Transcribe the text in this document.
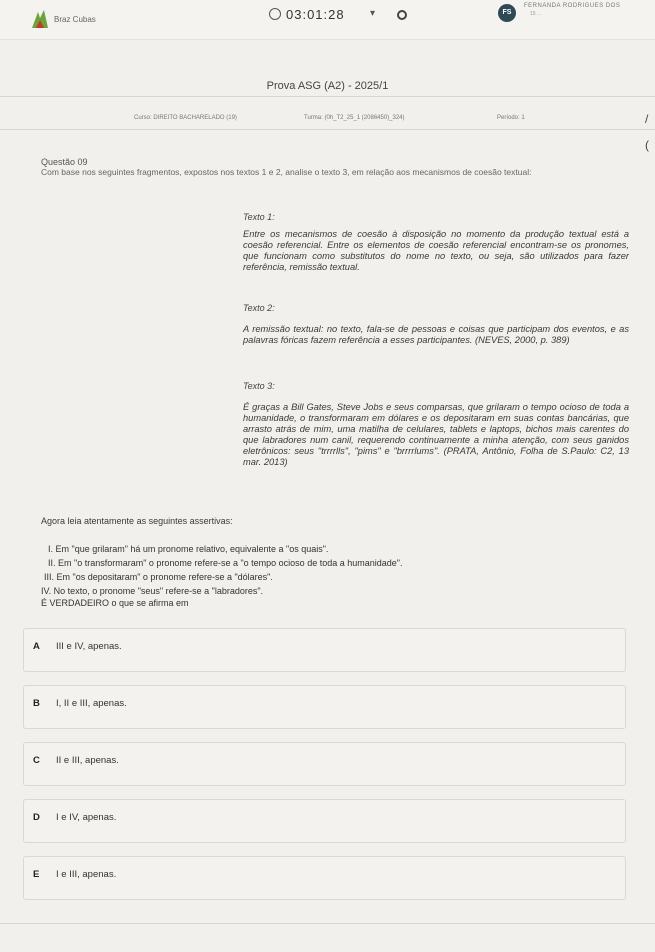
Braz Cubas	03:01:28	▾	FS
FERNANDA RODRIGUES DOS
15 ...
Prova ASG (A2) - 2025/1
Curso: DIREITO BACHARELADO (19)	Turma: (0h_T2_25_1 (2086450)_324)	Período: 1	/
(
Questão 09
Com base nos seguintes fragmentos, expostos nos textos 1 e 2, analise o texto 3, em relação aos mecanismos de coesão textual:
Texto 1:
Entre os mecanismos de coesão à disposição no momento da produção textual está a coesão referencial. Entre os elementos de coesão referencial encontram-se os pronomes, que funcionam como substitutos do nome no texto, ou seja, são utilizados para fazer referência, remissão textual.
Texto 2:
A remissão textual: no texto, fala-se de pessoas e coisas que participam dos eventos, e as palavras fóricas fazem referência a esses participantes. (NEVES, 2000, p. 389)
Texto 3:
É graças a Bill Gates, Steve Jobs e seus comparsas, que grilaram o tempo ocioso de toda a humanidade, o transformaram em dólares e os depositaram em suas contas bancárias, que arrasto atrás de mim, uma matilha de celulares, tablets e laptops, bichos mais carentes do que labradores num canil, requerendo continuamente a minha atenção, com seus ganidos eletrônicos: seus "trrrrlls", "pims" e "brrrrlums". (PRATA, Antônio, Folha de S.Paulo: C2, 13 mar. 2013)
Agora leia atentamente as seguintes assertivas:
I. Em "que grilaram" há um pronome relativo, equivalente a "os quais".
II. Em "o transformaram" o pronome refere-se a "o tempo ocioso de toda a humanidade".
III. Em "os depositaram" o pronome refere-se a "dólares".
IV. No texto, o pronome "seus" refere-se a "labradores".
É VERDADEIRO o que se afirma em
A III e IV, apenas.
B I, II e III, apenas.
C II e III, apenas.
D I e IV, apenas.
E I e III, apenas.
